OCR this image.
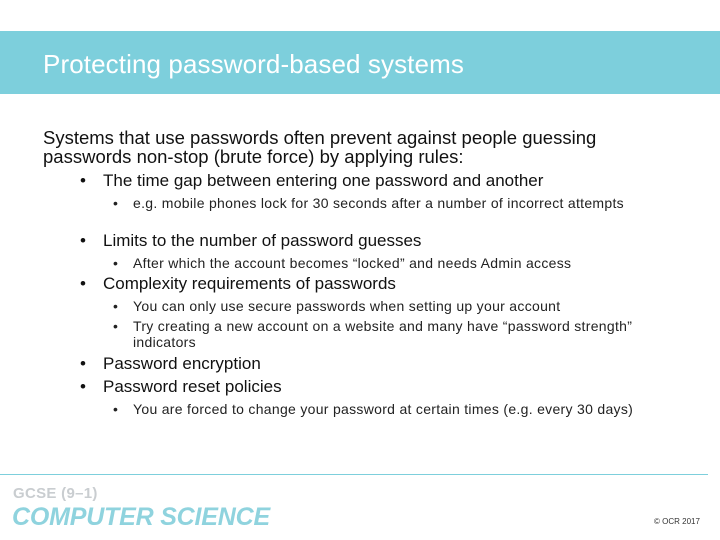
Protecting password-based systems
Systems that use passwords often prevent against people guessing passwords non-stop (brute force) by applying rules:
• The time gap between entering one password and another
• e.g. mobile phones lock for 30 seconds after a number of incorrect attempts
• Limits to the number of password guesses
• After which the account becomes “locked” and needs Admin access
• Complexity requirements of passwords
• You can only use secure passwords when setting up your account
• Try creating a new account on a website and many have “password strength” indicators
• Password encryption
• Password reset policies
• You are forced to change your password at certain times (e.g. every 30 days)
GCSE (9–1)
COMPUTER SCIENCE	© OCR 2017
